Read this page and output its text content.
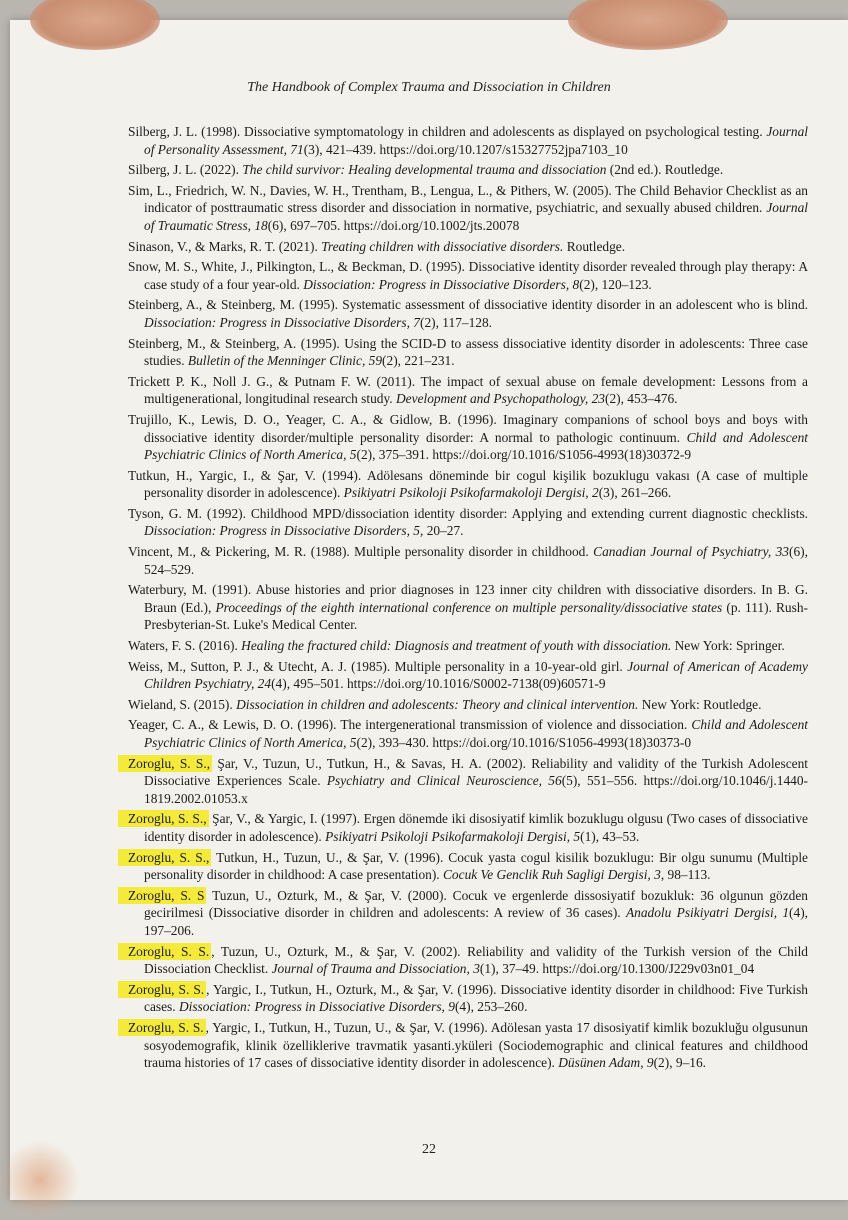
The Handbook of Complex Trauma and Dissociation in Children

Silberg, J. L. (1998). Dissociative symptomatology in children and adolescents as displayed on psychological testing. Journal of Personality Assessment, 71(3), 421–439. https://doi.org/10.1207/s15327752jpa7103_10

Silberg, J. L. (2022). The child survivor: Healing developmental trauma and dissociation (2nd ed.). Routledge.

Sim, L., Friedrich, W. N., Davies, W. H., Trentham, B., Lengua, L., & Pithers, W. (2005). The Child Behavior Checklist as an indicator of posttraumatic stress disorder and dissociation in normative, psychiatric, and sexually abused children. Journal of Traumatic Stress, 18(6), 697–705. https://doi.org/10.1002/jts.20078

Sinason, V., & Marks, R. T. (2021). Treating children with dissociative disorders. Routledge.

Snow, M. S., White, J., Pilkington, L., & Beckman, D. (1995). Dissociative identity disorder revealed through play therapy: A case study of a four year-old. Dissociation: Progress in Dissociative Disorders, 8(2), 120–123.

Steinberg, A., & Steinberg, M. (1995). Systematic assessment of dissociative identity disorder in an adolescent who is blind. Dissociation: Progress in Dissociative Disorders, 7(2), 117–128.

Steinberg, M., & Steinberg, A. (1995). Using the SCID-D to assess dissociative identity disorder in adolescents: Three case studies. Bulletin of the Menninger Clinic, 59(2), 221–231.

Trickett P. K., Noll J. G., & Putnam F. W. (2011). The impact of sexual abuse on female development: Lessons from a multigenerational, longitudinal research study. Development and Psychopathology, 23(2), 453–476.

Trujillo, K., Lewis, D. O., Yeager, C. A., & Gidlow, B. (1996). Imaginary companions of school boys and boys with dissociative identity disorder/multiple personality disorder: A normal to pathologic continuum. Child and Adolescent Psychiatric Clinics of North America, 5(2), 375–391. https://doi.org/10.1016/S1056-4993(18)30372-9

Tutkun, H., Yargic, I., & Şar, V. (1994). Adölesans döneminde bir cogul kişilik bozuklugu vakası (A case of multiple personality disorder in adolescence). Psikiyatri Psikoloji Psikofarmakoloji Dergisi, 2(3), 261–266.

Tyson, G. M. (1992). Childhood MPD/dissociation identity disorder: Applying and extending current diagnostic checklists. Dissociation: Progress in Dissociative Disorders, 5, 20–27.

Vincent, M., & Pickering, M. R. (1988). Multiple personality disorder in childhood. Canadian Journal of Psychiatry, 33(6), 524–529.

Waterbury, M. (1991). Abuse histories and prior diagnoses in 123 inner city children with dissociative disorders. In B. G. Braun (Ed.), Proceedings of the eighth international conference on multiple personality/dissociative states (p. 111). Rush-Presbyterian-St. Luke's Medical Center.

Waters, F. S. (2016). Healing the fractured child: Diagnosis and treatment of youth with dissociation. New York: Springer.

Weiss, M., Sutton, P. J., & Utecht, A. J. (1985). Multiple personality in a 10-year-old girl. Journal of American of Academy Children Psychiatry, 24(4), 495–501. https://doi.org/10.1016/S0002-7138(09)60571-9

Wieland, S. (2015). Dissociation in children and adolescents: Theory and clinical intervention. New York: Routledge.

Yeager, C. A., & Lewis, D. O. (1996). The intergenerational transmission of violence and dissociation. Child and Adolescent Psychiatric Clinics of North America, 5(2), 393–430. https://doi.org/10.1016/S1056-4993(18)30373-0

Zoroglu, S. S., Şar, V., Tuzun, U., Tutkun, H., & Savas, H. A. (2002). Reliability and validity of the Turkish Adolescent Dissociative Experiences Scale. Psychiatry and Clinical Neuroscience, 56(5), 551–556. https://doi.org/10.1046/j.1440-1819.2002.01053.x

Zoroglu, S. S., Şar, V., & Yargic, I. (1997). Ergen dönemde iki disosiyatif kimlik bozuklugu olgusu (Two cases of dissociative identity disorder in adolescence). Psikiyatri Psikoloji Psikofarmakoloji Dergisi, 5(1), 43–53.

Zoroglu, S. S., Tutkun, H., Tuzun, U., & Şar, V. (1996). Cocuk yasta cogul kisilik bozuklugu: Bir olgu sunumu (Multiple personality disorder in childhood: A case presentation). Cocuk Ve Genclik Ruh Sagligi Dergisi, 3, 98–113.

Zoroglu, S. S Tuzun, U., Ozturk, M., & Şar, V. (2000). Cocuk ve ergenlerde dissosiyatif bozukluk: 36 olgunun gözden gecirilmesi (Dissociative disorder in children and adolescents: A review of 36 cases). Anadolu Psikiyatri Dergisi, 1(4), 197–206.

Zoroglu, S. S. , Tuzun, U., Ozturk, M., & Şar, V. (2002). Reliability and validity of the Turkish version of the Child Dissociation Checklist. Journal of Trauma and Dissociation, 3(1), 37–49. https://doi.org/10.1300/J229v03n01_04

Zoroglu, S. S. , Yargic, I., Tutkun, H., Ozturk, M., & Şar, V. (1996). Dissociative identity disorder in childhood: Five Turkish cases. Dissociation: Progress in Dissociative Disorders, 9(4), 253–260.

Zoroglu, S. S. , Yargic, I., Tutkun, H., Tuzun, U., & Şar, V. (1996). Adölesan yasta 17 disosiyatif kimlik bozukluğu olgusunun sosyodemografik, klinik özelliklerive travmatik yasanti.yküleri (Sociodemographic and clinical features and childhood trauma histories of 17 cases of dissociative identity disorder in adolescence). Düsünen Adam, 9(2), 9–16.

22
